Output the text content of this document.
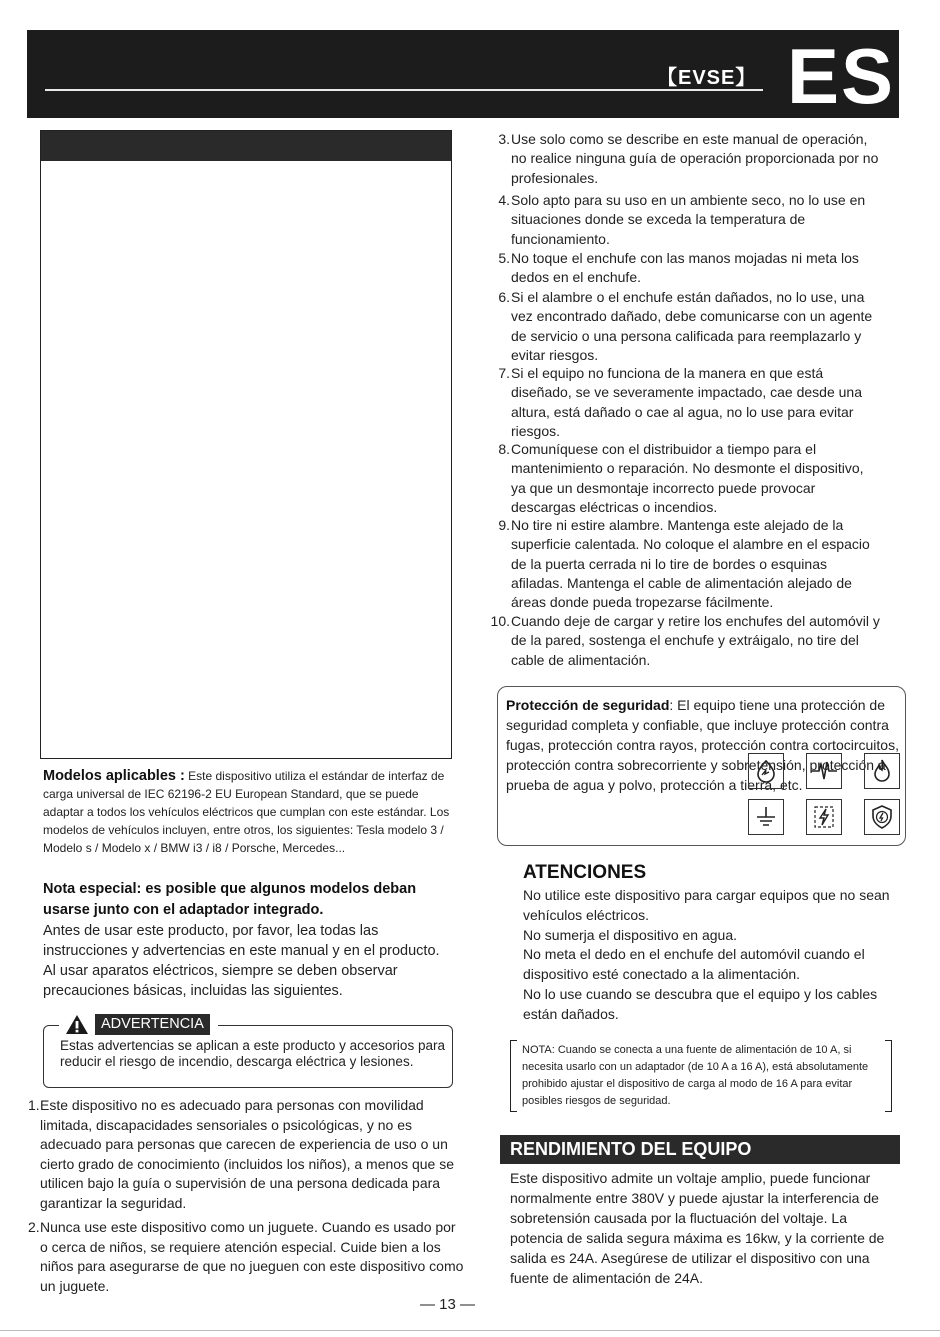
【EVSE】 ES
Modelos aplicables : Este dispositivo utiliza el estándar de interfaz de carga universal de IEC 62196-2 EU European Standard, que se puede adaptar a todos los vehículos eléctricos que cumplan con este estándar. Los modelos de vehículos incluyen, entre otros, los siguientes: Tesla modelo 3 / Modelo s / Modelo x / BMW i3 / i8 / Porsche, Mercedes...
Nota especial: es posible que algunos modelos deban usarse junto con el adaptador integrado.
Antes de usar este producto, por favor, lea todas las instrucciones y advertencias en este manual y en el producto. Al usar aparatos eléctricos, siempre se deben observar precauciones básicas, incluidas las siguientes.
ADVERTENCIA
Estas advertencias se aplican a este producto y accesorios para reducir el riesgo de incendio, descarga eléctrica y lesiones.
1. Este dispositivo no es adecuado para personas con movilidad limitada, discapacidades sensoriales o psicológicas, y no es adecuado para personas que carecen de experiencia de uso o un cierto grado de conocimiento (incluidos los niños), a menos que se utilicen bajo la guía o supervisión de una persona dedicada para garantizar la seguridad.
2. Nunca use este dispositivo como un juguete. Cuando es usado por o cerca de niños, se requiere atención especial. Cuide bien a los niños para asegurarse de que no jueguen con este dispositivo como un juguete.
3. Use solo como se describe en este manual de operación, no realice ninguna guía de operación proporcionada por no profesionales.
4. Solo apto para su uso en un ambiente seco, no lo use en situaciones donde se exceda la temperatura de funcionamiento.
5. No toque el enchufe con las manos mojadas ni meta los dedos en el enchufe.
6. Si el alambre o el enchufe están dañados, no lo use, una vez encontrado dañado, debe comunicarse con un agente de servicio o una persona calificada para reemplazarlo y evitar riesgos.
7. Si el equipo no funciona de la manera en que está diseñado, se ve severamente impactado, cae desde una altura, está dañado o cae al agua, no lo use para evitar riesgos.
8. Comuníquese con el distribuidor a tiempo para el mantenimiento o reparación. No desmonte el dispositivo, ya que un desmontaje incorrecto puede provocar descargas eléctricas o incendios.
9. No tire ni estire alambre. Mantenga este alejado de la superficie calentada. No coloque el alambre en el espacio de la puerta cerrada ni lo tire de bordes o esquinas afiladas. Mantenga el cable de alimentación alejado de áreas donde pueda tropezarse fácilmente.
10. Cuando deje de cargar y retire los enchufes del automóvil y de la pared, sostenga el enchufe y extráigalo, no tire del cable de alimentación.
Protección de seguridad: El equipo tiene una protección de seguridad completa y confiable, que incluye protección contra fugas, protección contra rayos, protección contra cortocircuitos, protección contra sobrecorriente y sobretensión, protección a prueba de agua y polvo, protección a tierra, etc.
ATENCIONES
No utilice este dispositivo para cargar equipos que no sean vehículos eléctricos.
No sumerja el dispositivo en agua.
No meta el dedo en el enchufe del automóvil cuando el dispositivo esté conectado a la alimentación.
No lo use cuando se descubra que el equipo y los cables están dañados.
NOTA: Cuando se conecta a una fuente de alimentación de 10 A, si necesita usarlo con un adaptador (de 10 A a 16 A), está absolutamente prohibido ajustar el dispositivo de carga al modo de 16 A para evitar posibles riesgos de seguridad.
RENDIMIENTO DEL EQUIPO
Este dispositivo admite un voltaje amplio, puede funcionar normalmente entre 380V y puede ajustar la interferencia de sobretensión causada por la fluctuación del voltaje. La potencia de salida segura máxima es 16kw, y la corriente de salida es 24A. Asegúrese de utilizar el dispositivo con una fuente de alimentación de 24A.
— 13 —
